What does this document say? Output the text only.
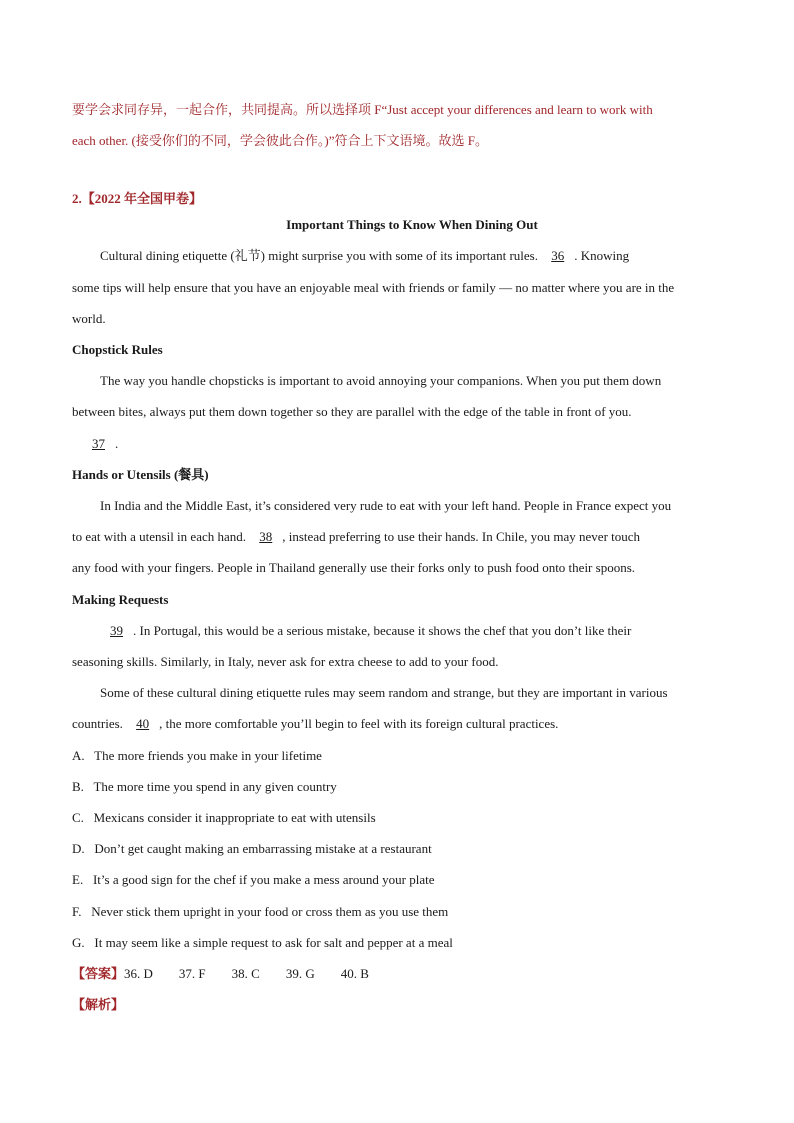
要学会求同存异，一起合作，共同提高。所以选择项 F“Just accept your differences and learn to work with
each other. (接受你们的不同，学会彼此合作。)”符合上下文语境。故选 F。
2.【2022 年全国甲卷】
Important Things to Know When Dining Out
Cultural dining etiquette (礼节) might surprise you with some of its important rules. 36 . Knowing
some tips will help ensure that you have an enjoyable meal with friends or family — no matter where you are in the
world.
Chopstick Rules
The way you handle chopsticks is important to avoid annoying your companions. When you put them down
between bites, always put them down together so they are parallel with the edge of the table in front of you.
37 .
Hands or Utensils (餐具)
In India and the Middle East, it’s considered very rude to eat with your left hand. People in France expect you
to eat with a utensil in each hand. 38 , instead preferring to use their hands. In Chile, you may never touch
any food with your fingers. People in Thailand generally use their forks only to push food onto their spoons.
Making Requests
39 . In Portugal, this would be a serious mistake, because it shows the chef that you don’t like their
seasoning skills. Similarly, in Italy, never ask for extra cheese to add to your food.
Some of these cultural dining etiquette rules may seem random and strange, but they are important in various
countries. 40 , the more comfortable you’ll begin to feel with its foreign cultural practices.
A. The more friends you make in your lifetime
B. The more time you spend in any given country
C. Mexicans consider it inappropriate to eat with utensils
D. Don’t get caught making an embarrassing mistake at a restaurant
E. It’s a good sign for the chef if you make a mess around your plate
F. Never stick them upright in your food or cross them as you use them
G. It may seem like a simple request to ask for salt and pepper at a meal
【答案】36. D 37. F 38. C 39. G 40. B
【解析】
